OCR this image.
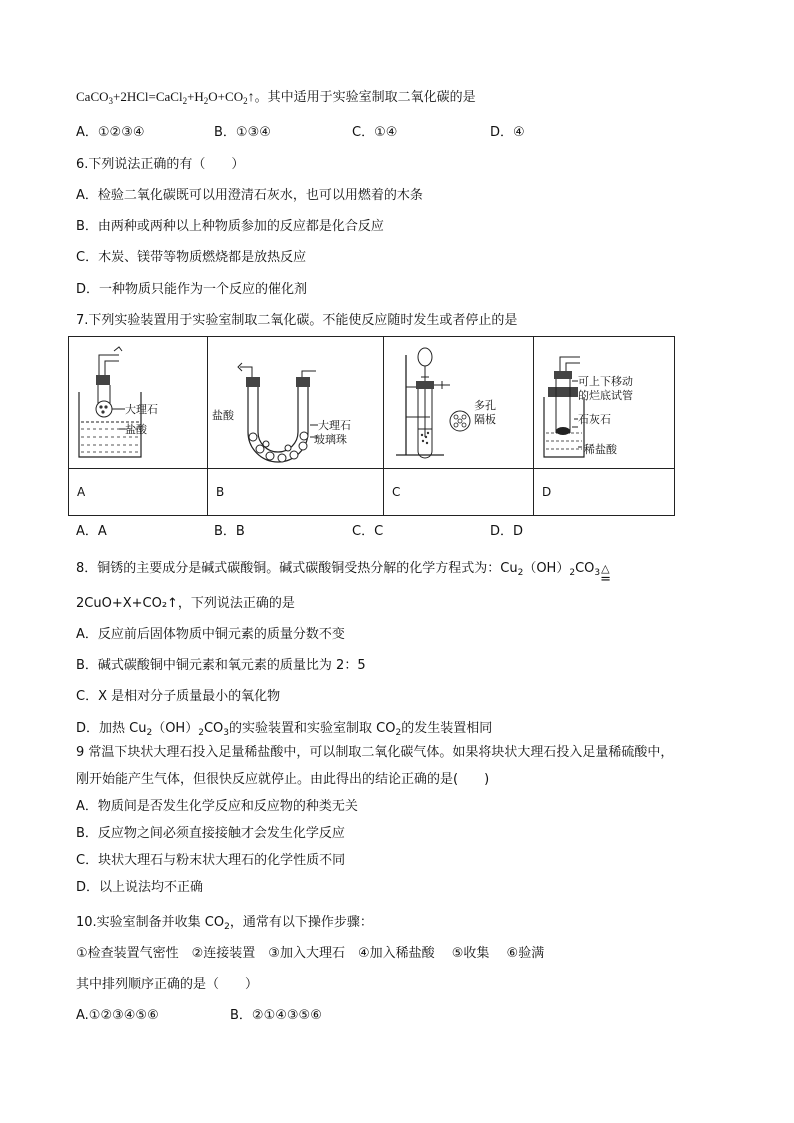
$CaCO_3+2HCl=CaCl_2+H_2O+CO_2↑$。其中适用于实验室制取二氧化碳的是
A．①②③④	B．①③④	C．①④	D．④
6.下列说法正确的有（　　）
A．检验二氧化碳既可以用澄清石灰水，也可以用燃着的木条
B．由两种或两种以上种物质参加的反应都是化合反应
C．木炭、镁带等物质燃烧都是放热反应
D．一种物质只能作为一个反应的催化剂
7.下列实验装置用于实验室制取二氧化碳。不能使反应随时发生或者停止的是
大理石
盐酸	盐酸
大理石
玻璃珠	多孔
隔板	可上下移动
的烂底试管
石灰石
稀盐酸

A	B	C	D
A．A	B．B	C．C	D．D
8．铜锈的主要成分是碱式碳酸铜。碱式碳酸铜受热分解的化学方程式为：$Cu_2(OH)_2CO_3$ △
=
2CuO+X+CO₂↑，下列说法正确的是
A．反应前后固体物质中铜元素的质量分数不变
B．碱式碳酸铜中铜元素和氧元素的质量比为 2：5
C．X 是相对分子质量最小的氧化物
D．加热 $Cu_2(OH)_2CO_3$的实验装置和实验室制取 $CO_2$的发生装置相同
9 常温下块状大理石投入足量稀盐酸中，可以制取二氧化碳气体。如果将块状大理石投入足量稀硫酸中，
刚开始能产生气体，但很快反应就停止。由此得出的结论正确的是(　　)
A．物质间是否发生化学反应和反应物的种类无关
B．反应物之间必须直接接触才会发生化学反应
C．块状大理石与粉末状大理石的化学性质不同
D．以上说法均不正确
10.实验室制备并收集 $CO_2$，通常有以下操作步骤：
①检查装置气密性　②连接装置　③加入大理石　④加入稀盐酸　 ⑤收集　 ⑥验满
其中排列顺序正确的是（　　）
A.①②③④⑤⑥	B．②①④③⑤⑥
